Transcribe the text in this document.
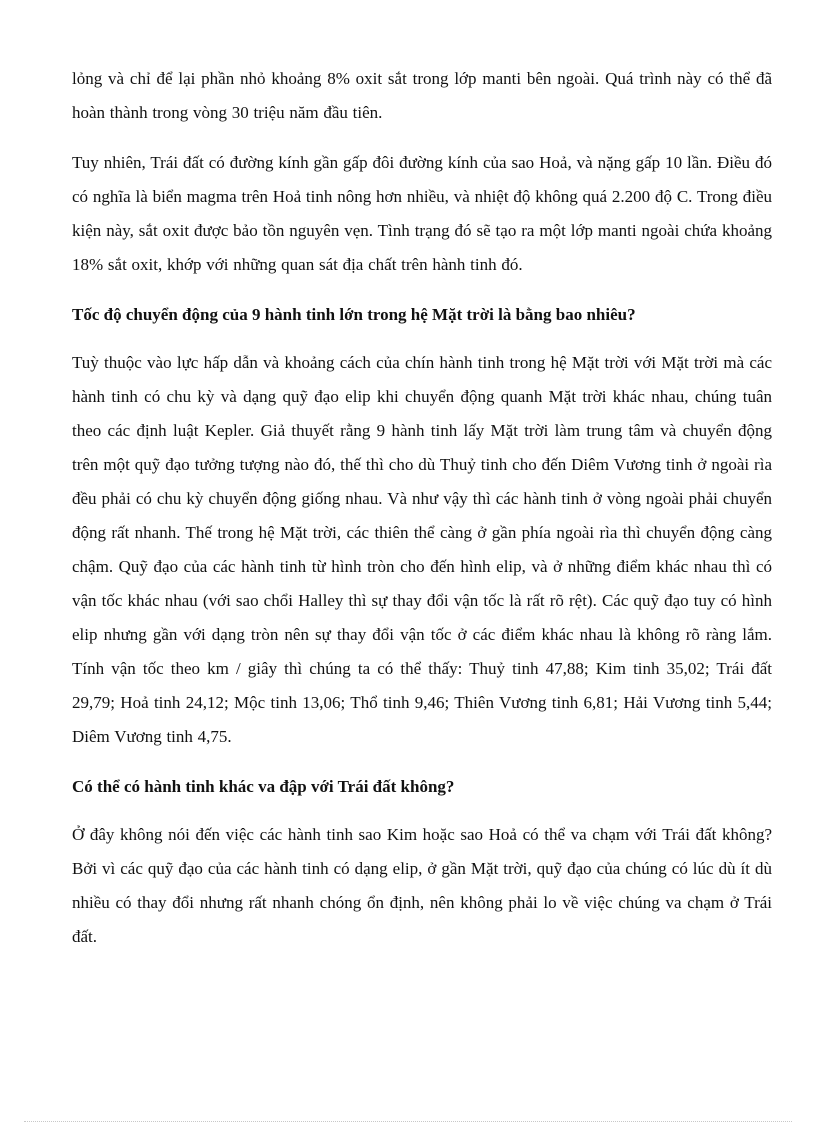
lỏng và chỉ để lại phần nhỏ khoảng 8% oxit sắt trong lớp manti bên ngoài. Quá trình này có thể đã hoàn thành trong vòng 30 triệu năm đầu tiên.

Tuy nhiên, Trái đất có đường kính gần gấp đôi đường kính của sao Hoả, và nặng gấp 10 lần. Điều đó có nghĩa là biển magma trên Hoả tinh nông hơn nhiều, và nhiệt độ không quá 2.200 độ C. Trong điều kiện này, sắt oxit được bảo tồn nguyên vẹn. Tình trạng đó sẽ tạo ra một lớp manti ngoài chứa khoảng 18% sắt oxit, khớp với những quan sát địa chất trên hành tinh đó.

Tốc độ chuyển động của 9 hành tinh lớn trong hệ Mặt trời là bằng bao nhiêu?

Tuỳ thuộc vào lực hấp dẫn và khoảng cách của chín hành tinh trong hệ Mặt trời với Mặt trời mà các hành tinh có chu kỳ và dạng quỹ đạo elip khi chuyển động quanh Mặt trời khác nhau, chúng tuân theo các định luật Kepler. Giả thuyết rằng 9 hành tinh lấy Mặt trời làm trung tâm và chuyển động trên một quỹ đạo tưởng tượng nào đó, thế thì cho dù Thuỷ tinh cho đến Diêm Vương tinh ở ngoài rìa đều phải có chu kỳ chuyển động giống nhau. Và như vậy thì các hành tinh ở vòng ngoài phải chuyển động rất nhanh. Thế trong hệ Mặt trời, các thiên thể càng ở gần phía ngoài rìa thì chuyển động càng chậm. Quỹ đạo của các hành tinh từ hình tròn cho đến hình elip, và ở những điểm khác nhau thì có vận tốc khác nhau (với sao chổi Halley thì sự thay đổi vận tốc là rất rõ rệt). Các quỹ đạo tuy có hình elip nhưng gần với dạng tròn nên sự thay đổi vận tốc ở các điểm khác nhau là không rõ ràng lắm. Tính vận tốc theo km / giây thì chúng ta có thể thấy: Thuỷ tinh 47,88; Kim tinh 35,02; Trái đất 29,79; Hoả tinh 24,12; Mộc tinh 13,06; Thổ tinh 9,46; Thiên Vương tinh 6,81; Hải Vương tinh 5,44; Diêm Vương tinh 4,75.

Có thể có hành tinh khác va đập với Trái đất không?

Ở đây không nói đến việc các hành tinh sao Kim hoặc sao Hoả có thể va chạm với Trái đất không? Bởi vì các quỹ đạo của các hành tinh có dạng elip, ở gần Mặt trời, quỹ đạo của chúng có lúc dù ít dù nhiều có thay đổi nhưng rất nhanh chóng ổn định, nên không phải lo về việc chúng va chạm ở Trái đất.
